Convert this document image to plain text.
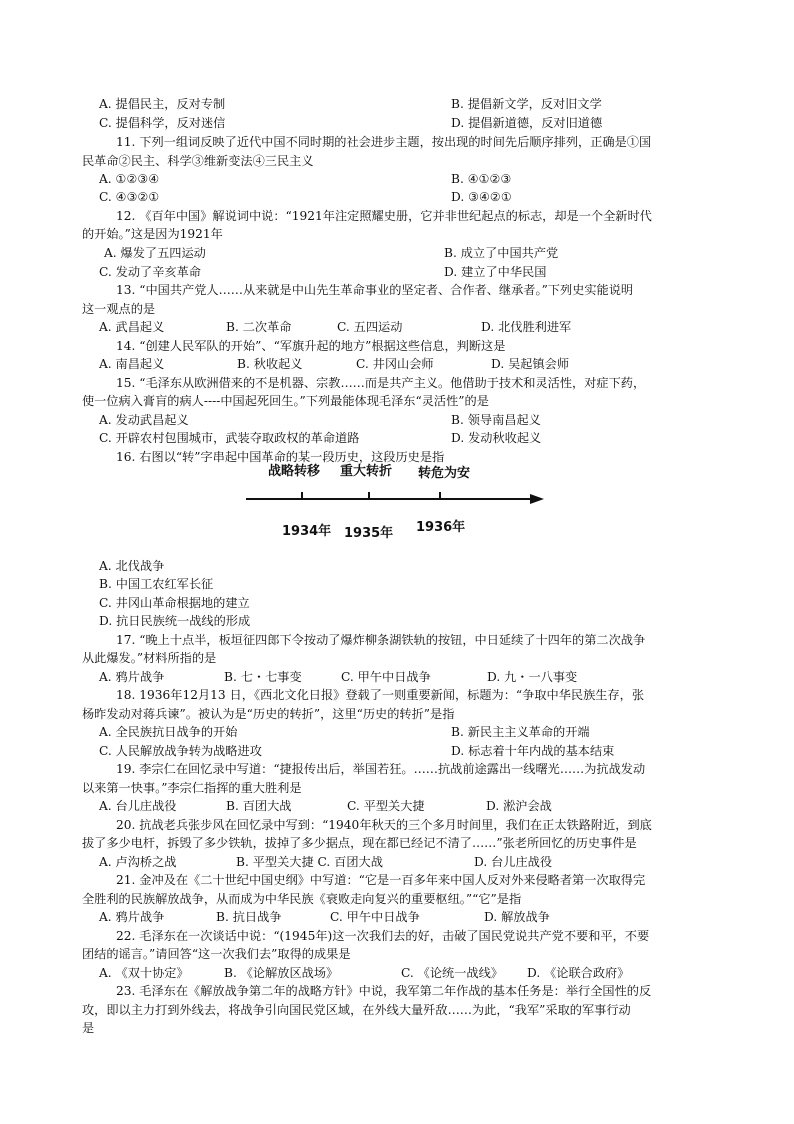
A. 提倡民主，反对专制	B. 提倡新文学，反对旧文学
C. 提倡科学，反对迷信	D. 提倡新道德，反对旧道德
11. 下列一组词反映了近代中国不同时期的社会进步主题，按出现的时间先后顺序排列，正确是①国
民革命②民主、科学③维新变法④三民主义
A. ①②③④	B. ④①②③
C. ④③②①	D. ③④②①
12. 《百年中国》解说词中说：“1921年注定照耀史册，它并非世纪起点的标志，却是一个全新时代
的开始。”这是因为1921年
A. 爆发了五四运动	B. 成立了中国共产党
C. 发动了辛亥革命	D. 建立了中华民国
13. “中国共产党人……从来就是中山先生革命事业的坚定者、合作者、继承者。”下列史实能说明
这一观点的是
A. 武昌起义	B. 二次革命	C. 五四运动	D. 北伐胜利进军
14. “创建人民军队的开始”、“军旗升起的地方”根据这些信息，判断这是
A. 南昌起义	B. 秋收起义	C. 井冈山会师	D. 吴起镇会师
15. “毛泽东从欧洲借来的不是机器、宗教……而是共产主义。他借助于技术和灵活性，对症下药，
使一位病入膏肓的病人----中国起死回生。”下列最能体现毛泽东“灵活性”的是
A. 发动武昌起义	B. 领导南昌起义
C. 开辟农村包围城市，武装夺取政权的革命道路	D. 发动秋收起义
16. 右图以“转”字串起中国革命的某一段历史，这段历史是指
A. 北伐战争
B. 中国工农红军长征
C. 井冈山革命根据地的建立
D. 抗日民族统一战线的形成
17. “晚上十点半，板垣征四郎下令按动了爆炸柳条湖铁轨的按钮，中日延续了十四年的第二次战争
从此爆发。”材料所指的是
A. 鸦片战争	B. 七・七事变	C. 甲午中日战争	D. 九・一八事变
18. 1936年12月13 日，《西北文化日报》登载了一则重要新闻，标题为：“争取中华民族生存，张
杨昨发动对蒋兵谏”。被认为是“历史的转折”，这里“历史的转折”是指
A. 全民族抗日战争的开始	B. 新民主主义革命的开端
C. 人民解放战争转为战略进攻	D. 标志着十年内战的基本结束
19. 李宗仁在回忆录中写道：“捷报传出后，举国若狂。……抗战前途露出一线曙光……为抗战发动
以来第一快事。”李宗仁指挥的重大胜利是
A. 台儿庄战役	B. 百团大战	C. 平型关大捷	D. 淞沪会战
20. 抗战老兵张步风在回忆录中写到：“1940年秋天的三个多月时间里，我们在正太铁路附近，到底
拔了多少电杆，拆毁了多少铁轨，拔掉了多少据点，现在都已经记不清了……”张老所回忆的历史事件是
A. 卢沟桥之战	B. 平型关大捷 C. 百团大战	D. 台儿庄战役
21. 金冲及在《二十世纪中国史纲》中写道：“它是一百多年来中国人反对外来侵略者第一次取得完
全胜利的民族解放战争，从而成为中华民族《衰败走向复兴的重要枢纽。”“它”是指
A. 鸦片战争	B. 抗日战争	C. 甲午中日战争	D. 解放战争
22. 毛泽东在一次谈话中说：“(1945年)这一次我们去的好，击破了国民党说共产党不要和平，不要
团结的谣言。”请回答“这一次我们去”取得的成果是
A. 《双十协定》	B. 《论解放区战场》	C. 《论统一战线》 D. 《论联合政府》
23. 毛泽东在《解放战争第二年的战略方针》中说，我军第二年作战的基本任务是：举行全国性的反
攻，即以主力打到外线去，将战争引向国民党区域，在外线大量歼敌……为此，“我军”采取的军事行动
是
战略转移 重大转折 转危为安
1934年 1935年 1936年
